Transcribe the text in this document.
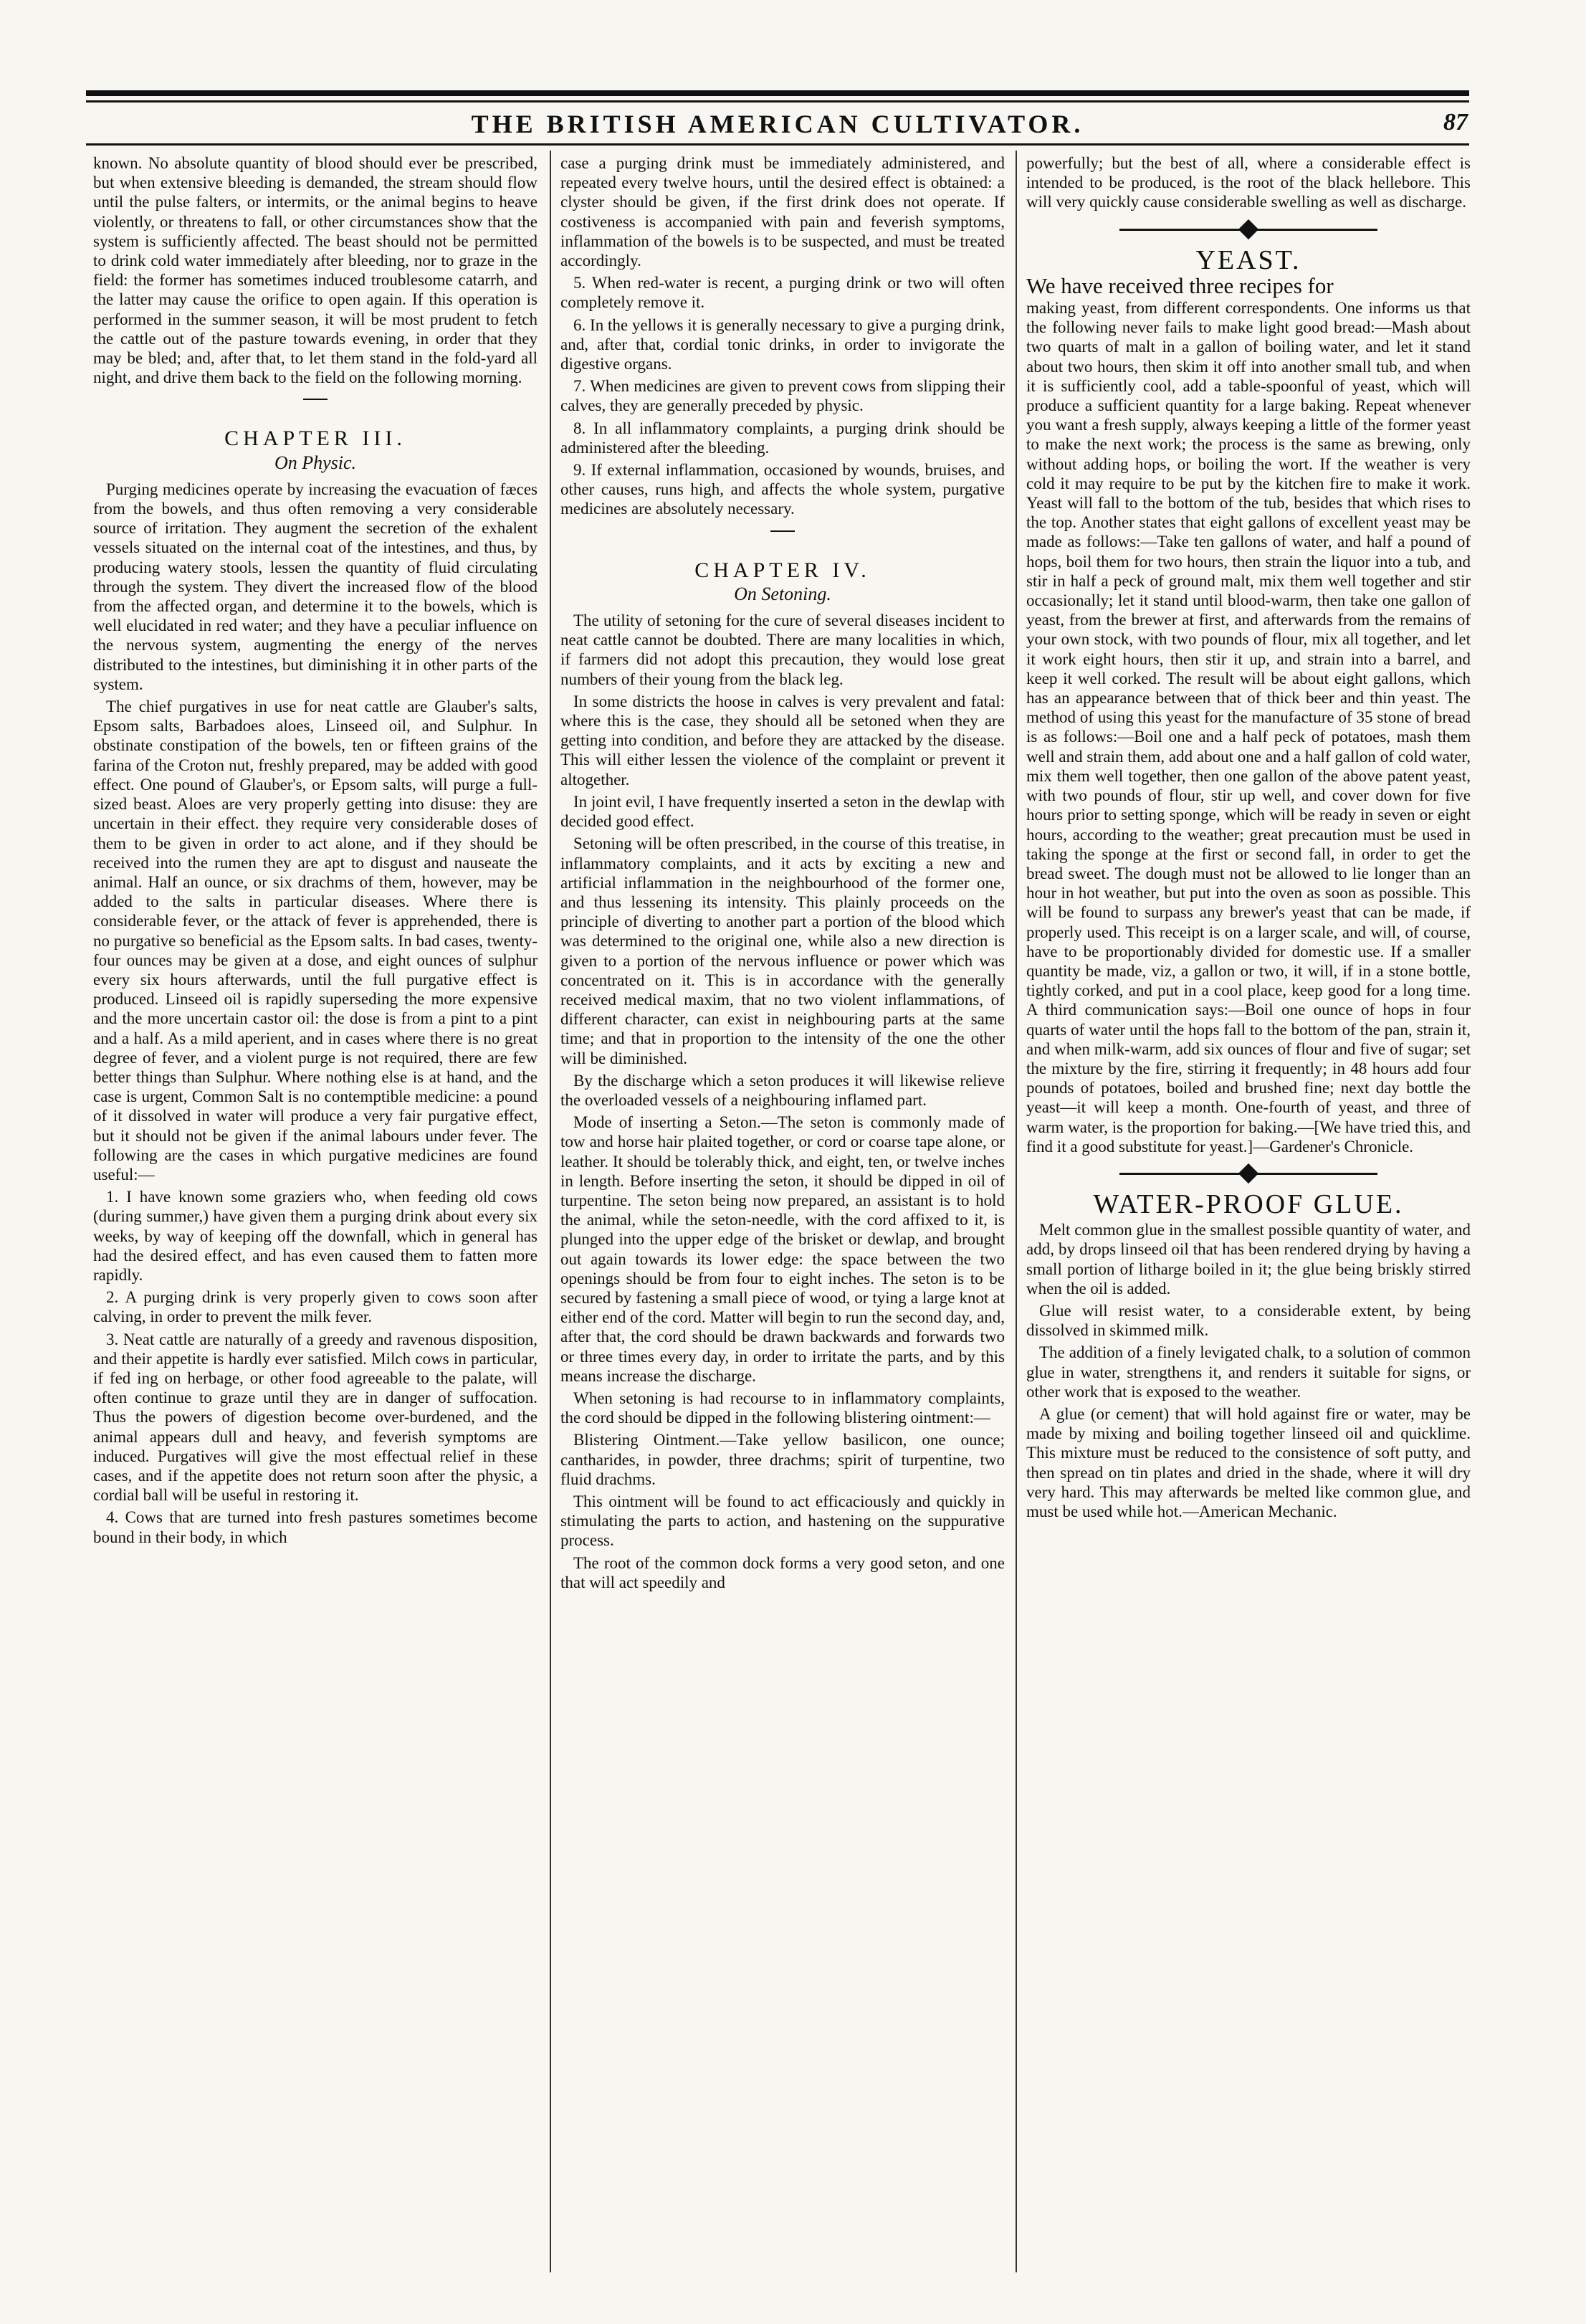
THE BRITISH AMERICAN CULTIVATOR.	87

known. No absolute quantity of blood should ever be prescribed, but when extensive bleeding is demanded, the stream should flow until the pulse falters, or intermits, or the animal begins to heave violently, or threatens to fall, or other circumstances show that the system is sufficiently affected. The beast should not be permitted to drink cold water immediately after bleeding, nor to graze in the field: the former has sometimes induced troublesome catarrh, and the latter may cause the orifice to open again. If this operation is performed in the summer season, it will be most prudent to fetch the cattle out of the pasture towards evening, in order that they may be bled; and, after that, to let them stand in the fold-yard all night, and drive them back to the field on the following morning.

CHAPTER III.
On Physic.

Purging medicines operate by increasing the evacuation of fæces from the bowels, and thus often removing a very considerable source of irritation. They augment the secretion of the exhalent vessels situated on the internal coat of the intestines, and thus, by producing watery stools, lessen the quantity of fluid circulating through the system. They divert the increased flow of the blood from the affected organ, and determine it to the bowels, which is well elucidated in red water; and they have a peculiar influence on the nervous system, augmenting the energy of the nerves distributed to the intestines, but diminishing it in other parts of the system.

The chief purgatives in use for neat cattle are Glauber's salts, Epsom salts, Barbadoes aloes, Linseed oil, and Sulphur. In obstinate constipation of the bowels, ten or fifteen grains of the farina of the Croton nut, freshly prepared, may be added with good effect. One pound of Glauber's, or Epsom salts, will purge a full-sized beast. Aloes are very properly getting into disuse: they are uncertain in their effect. they require very considerable doses of them to be given in order to act alone, and if they should be received into the rumen they are apt to disgust and nauseate the animal. Half an ounce, or six drachms of them, however, may be added to the salts in particular diseases. Where there is considerable fever, or the attack of fever is apprehended, there is no purgative so beneficial as the Epsom salts. In bad cases, twenty-four ounces may be given at a dose, and eight ounces of sulphur every six hours afterwards, until the full purgative effect is produced. Linseed oil is rapidly superseding the more expensive and the more uncertain castor oil: the dose is from a pint to a pint and a half. As a mild aperient, and in cases where there is no great degree of fever, and a violent purge is not required, there are few better things than Sulphur. Where nothing else is at hand, and the case is urgent, Common Salt is no contemptible medicine: a pound of it dissolved in water will produce a very fair purgative effect, but it should not be given if the animal labours under fever. The following are the cases in which purgative medicines are found useful:—

1. I have known some graziers who, when feeding old cows (during summer,) have given them a purging drink about every six weeks, by way of keeping off the downfall, which in general has had the desired effect, and has even caused them to fatten more rapidly.

2. A purging drink is very properly given to cows soon after calving, in order to prevent the milk fever.

3. Neat cattle are naturally of a greedy and ravenous disposition, and their appetite is hardly ever satisfied. Milch cows in particular, if fed ing on herbage, or other food agreeable to the palate, will often continue to graze until they are in danger of suffocation. Thus the powers of digestion become over-burdened, and the animal appears dull and heavy, and feverish symptoms are induced. Purgatives will give the most effectual relief in these cases, and if the appetite does not return soon after the physic, a cordial ball will be useful in restoring it.

4. Cows that are turned into fresh pastures sometimes become bound in their body, in which

case a purging drink must be immediately administered, and repeated every twelve hours, until the desired effect is obtained: a clyster should be given, if the first drink does not operate. If costiveness is accompanied with pain and feverish symptoms, inflammation of the bowels is to be suspected, and must be treated accordingly.

5. When red-water is recent, a purging drink or two will often completely remove it.

6. In the yellows it is generally necessary to give a purging drink, and, after that, cordial tonic drinks, in order to invigorate the digestive organs.

7. When medicines are given to prevent cows from slipping their calves, they are generally preceded by physic.

8. In all inflammatory complaints, a purging drink should be administered after the bleeding.

9. If external inflammation, occasioned by wounds, bruises, and other causes, runs high, and affects the whole system, purgative medicines are absolutely necessary.

CHAPTER IV.
On Setoning.

The utility of setoning for the cure of several diseases incident to neat cattle cannot be doubted. There are many localities in which, if farmers did not adopt this precaution, they would lose great numbers of their young from the black leg.

In some districts the hoose in calves is very prevalent and fatal: where this is the case, they should all be setoned when they are getting into condition, and before they are attacked by the disease. This will either lessen the violence of the complaint or prevent it altogether.

In joint evil, I have frequently inserted a seton in the dewlap with decided good effect.

Setoning will be often prescribed, in the course of this treatise, in inflammatory complaints, and it acts by exciting a new and artificial inflammation in the neighbourhood of the former one, and thus lessening its intensity. This plainly proceeds on the principle of diverting to another part a portion of the blood which was determined to the original one, while also a new direction is given to a portion of the nervous influence or power which was concentrated on it. This is in accordance with the generally received medical maxim, that no two violent inflammations, of different character, can exist in neighbouring parts at the same time; and that in proportion to the intensity of the one the other will be diminished.

By the discharge which a seton produces it will likewise relieve the overloaded vessels of a neighbouring inflamed part.

Mode of inserting a Seton.—The seton is commonly made of tow and horse hair plaited together, or cord or coarse tape alone, or leather. It should be tolerably thick, and eight, ten, or twelve inches in length. Before inserting the seton, it should be dipped in oil of turpentine. The seton being now prepared, an assistant is to hold the animal, while the seton-needle, with the cord affixed to it, is plunged into the upper edge of the brisket or dewlap, and brought out again towards its lower edge: the space between the two openings should be from four to eight inches. The seton is to be secured by fastening a small piece of wood, or tying a large knot at either end of the cord. Matter will begin to run the second day, and, after that, the cord should be drawn backwards and forwards two or three times every day, in order to irritate the parts, and by this means increase the discharge.

When setoning is had recourse to in inflammatory complaints, the cord should be dipped in the following blistering ointment:—

Blistering Ointment.—Take yellow basilicon, one ounce; cantharides, in powder, three drachms; spirit of turpentine, two fluid drachms.

This ointment will be found to act efficaciously and quickly in stimulating the parts to action, and hastening on the suppurative process.

The root of the common dock forms a very good seton, and one that will act speedily and

powerfully; but the best of all, where a considerable effect is intended to be produced, is the root of the black hellebore. This will very quickly cause considerable swelling as well as discharge.

YEAST.

We have received three recipes for

making yeast, from different correspondents. One informs us that the following never fails to make light good bread:—Mash about two quarts of malt in a gallon of boiling water, and let it stand about two hours, then skim it off into another small tub, and when it is sufficiently cool, add a table-spoonful of yeast, which will produce a sufficient quantity for a large baking. Repeat whenever you want a fresh supply, always keeping a little of the former yeast to make the next work; the process is the same as brewing, only without adding hops, or boiling the wort. If the weather is very cold it may require to be put by the kitchen fire to make it work. Yeast will fall to the bottom of the tub, besides that which rises to the top. Another states that eight gallons of excellent yeast may be made as follows:—Take ten gallons of water, and half a pound of hops, boil them for two hours, then strain the liquor into a tub, and stir in half a peck of ground malt, mix them well together and stir occasionally; let it stand until blood-warm, then take one gallon of yeast, from the brewer at first, and afterwards from the remains of your own stock, with two pounds of flour, mix all together, and let it work eight hours, then stir it up, and strain into a barrel, and keep it well corked. The result will be about eight gallons, which has an appearance between that of thick beer and thin yeast. The method of using this yeast for the manufacture of 35 stone of bread is as follows:—Boil one and a half peck of potatoes, mash them well and strain them, add about one and a half gallon of cold water, mix them well together, then one gallon of the above patent yeast, with two pounds of flour, stir up well, and cover down for five hours prior to setting sponge, which will be ready in seven or eight hours, according to the weather; great precaution must be used in taking the sponge at the first or second fall, in order to get the bread sweet. The dough must not be allowed to lie longer than an hour in hot weather, but put into the oven as soon as possible. This will be found to surpass any brewer's yeast that can be made, if properly used. This receipt is on a larger scale, and will, of course, have to be proportionably divided for domestic use. If a smaller quantity be made, viz, a gallon or two, it will, if in a stone bottle, tightly corked, and put in a cool place, keep good for a long time. A third communication says:—Boil one ounce of hops in four quarts of water until the hops fall to the bottom of the pan, strain it, and when milk-warm, add six ounces of flour and five of sugar; set the mixture by the fire, stirring it frequently; in 48 hours add four pounds of potatoes, boiled and brushed fine; next day bottle the yeast—it will keep a month. One-fourth of yeast, and three of warm water, is the proportion for baking.—[We have tried this, and find it a good substitute for yeast.]—Gardener's Chronicle.

WATER-PROOF GLUE.

Melt common glue in the smallest possible quantity of water, and add, by drops linseed oil that has been rendered drying by having a small portion of litharge boiled in it; the glue being briskly stirred when the oil is added.

Glue will resist water, to a considerable extent, by being dissolved in skimmed milk.

The addition of a finely levigated chalk, to a solution of common glue in water, strengthens it, and renders it suitable for signs, or other work that is exposed to the weather.

A glue (or cement) that will hold against fire or water, may be made by mixing and boiling together linseed oil and quicklime. This mixture must be reduced to the consistence of soft putty, and then spread on tin plates and dried in the shade, where it will dry very hard. This may afterwards be melted like common glue, and must be used while hot.—American Mechanic.
